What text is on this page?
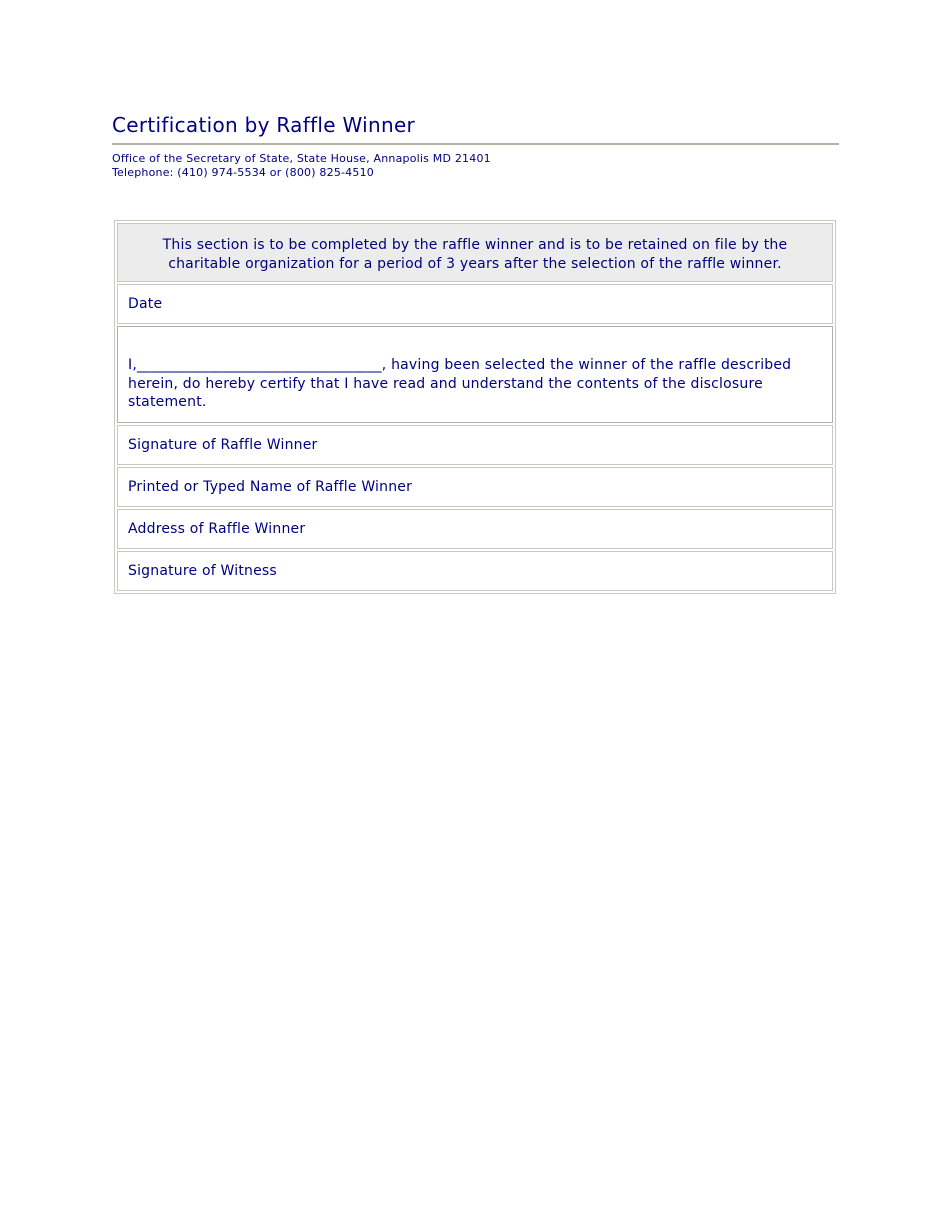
Certification by Raffle Winner

Office of the Secretary of State, State House, Annapolis MD 21401

Telephone: (410) 974-5534 or (800) 825-4510

This section is to be completed by the raffle winner and is to be retained on file by the charitable organization for a period of 3 years after the selection of the raffle winner.
Date
I,__________________________________, having been selected the winner of the raffle described herein, do hereby certify that I have read and understand the contents of the disclosure statement.
Signature of Raffle Winner
Printed or Typed Name of Raffle Winner
Address of Raffle Winner
Signature of Witness
